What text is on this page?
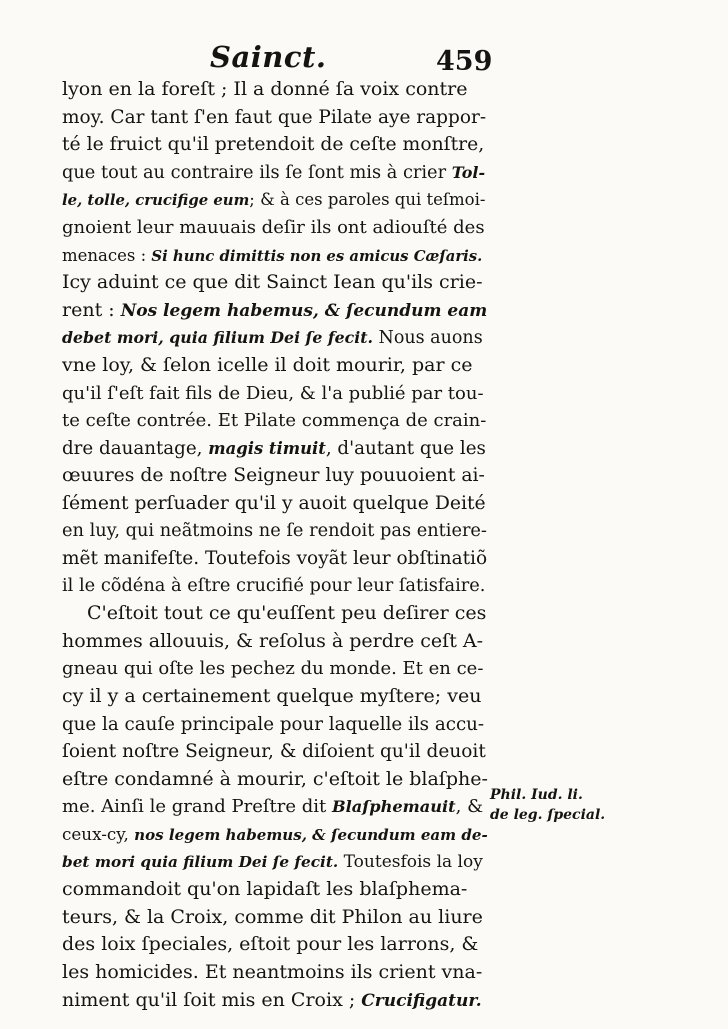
Sainct.	459
lyon en la foreſt ; Il a donné ſa voix contre
moy. Car tant ſ'en faut que Pilate aye rappor-
té le fruict qu'il pretendoit de ceſte monſtre,
que tout au contraire ils ſe ſont mis à crier Tol-
le, tolle, crucifige eum; & à ces paroles qui teſmoi-
gnoient leur mauuais deſir ils ont adiouſté des
menaces : Si hunc dimittis non es amicus Cæſaris.
Icy aduint ce que dit Sainct Iean qu'ils crie-
rent : Nos legem habemus, & ſecundum eam
debet mori, quia filium Dei ſe fecit. Nous auons
vne loy, & ſelon icelle il doit mourir, par ce
qu'il ſ'eſt fait fils de Dieu, & l'a publié par tou-
te ceſte contrée. Et Pilate commença de crain-
dre dauantage, magis timuit, d'autant que les
œuures de noſtre Seigneur luy pouuoient ai-
ſément perſuader qu'il y auoit quelque Deité
en luy, qui neãtmoins ne ſe rendoit pas entiere-
mẽt manifeſte. Toutefois voyãt leur obſtinatiõ
il le cõdéna à eſtre crucifié pour leur ſatisfaire.
C'eſtoit tout ce qu'euſſent peu deſirer ces
hommes allouuis, & reſolus à perdre ceſt A-
gneau qui oſte les pechez du monde. Et en ce-
cy il y a certainement quelque myſtere; veu
que la cauſe principale pour laquelle ils accu-
ſoient noſtre Seigneur, & diſoient qu'il deuoit
eſtre condamné à mourir, c'eſtoit le blaſphe-
me. Ainſi le grand Preſtre dit Blaſphemauit, &
ceux-cy, nos legem habemus, & ſecundum eam de-
bet mori quia filium Dei ſe fecit. Toutesfois la loy
commandoit qu'on lapidaſt les blaſphema-
teurs, & la Croix, comme dit Philon au liure
des loix ſpeciales, eſtoit pour les larrons, &
les homicides. Et neantmoins ils crient vna-
niment qu'il ſoit mis en Croix ; Crucifigatur.
Phil. Iud. li.
de leg. ſpecial.
